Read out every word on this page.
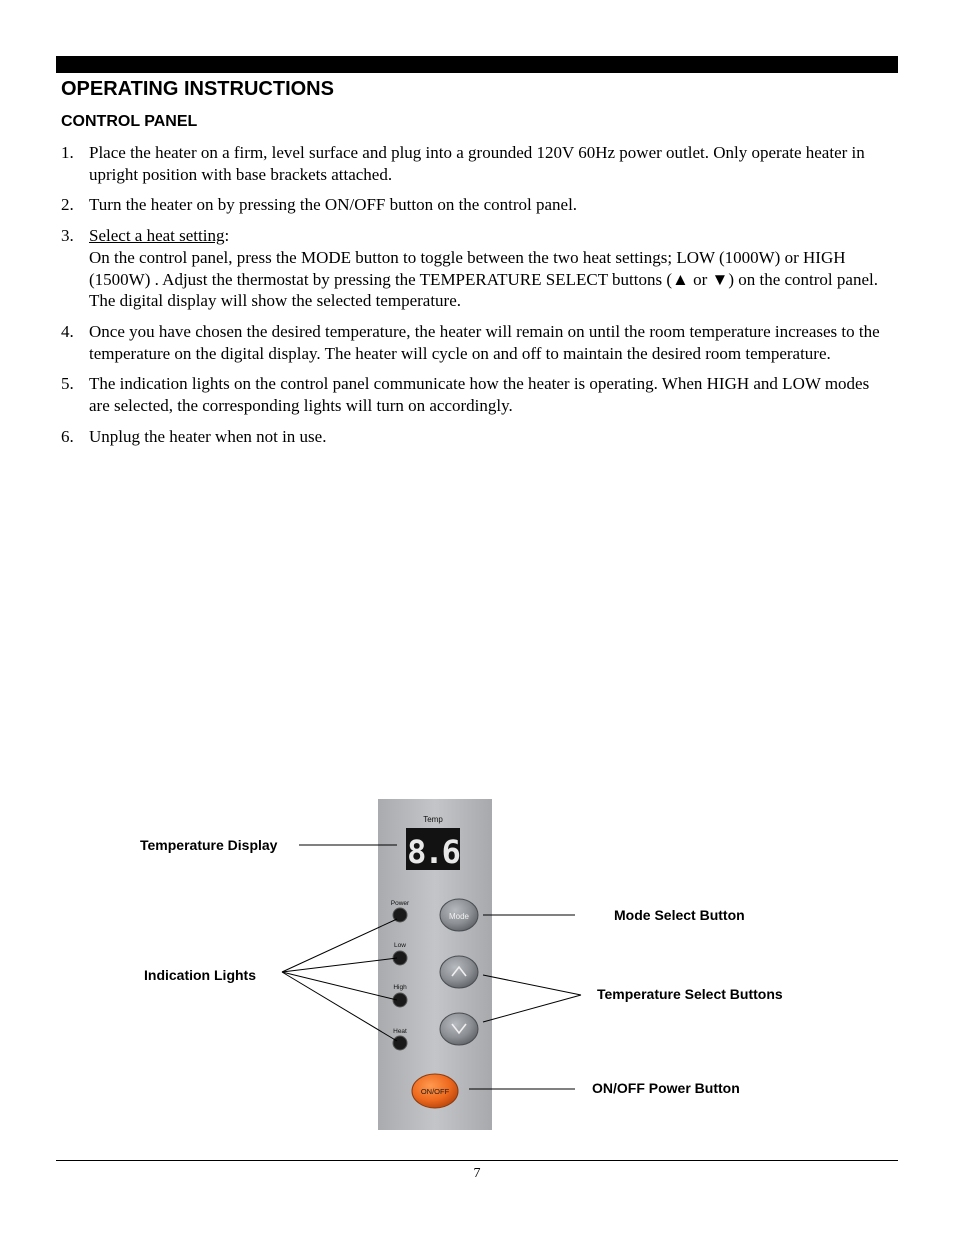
OPERATING INSTRUCTIONS
CONTROL PANEL
1. Place the heater on a firm, level surface and plug into a grounded 120V 60Hz power outlet. Only operate heater in upright position with base brackets attached.
2. Turn the heater on by pressing the ON/OFF button on the control panel.
3. Select a heat setting:
On the control panel, press the MODE button to toggle between the two heat settings; LOW (1000W) or HIGH (1500W) . Adjust the thermostat by pressing the TEMPERATURE SELECT buttons (▲ or ▼) on the control panel. The digital display will show the selected temperature.
4. Once you have chosen the desired temperature, the heater will remain on until the room temperature increases to the temperature on the digital display. The heater will cycle on and off to maintain the desired room temperature.
5. The indication lights on the control panel communicate how the heater is operating. When HIGH and LOW modes are selected, the corresponding lights will turn on accordingly.
6. Unplug the heater when not in use.
Temp
8.6
Power
Low
High
Heat
Mode
ON/OFF

Temperature Display

Indication Lights

Mode Select Button

Temperature Select Buttons

ON/OFF Power Button

7
